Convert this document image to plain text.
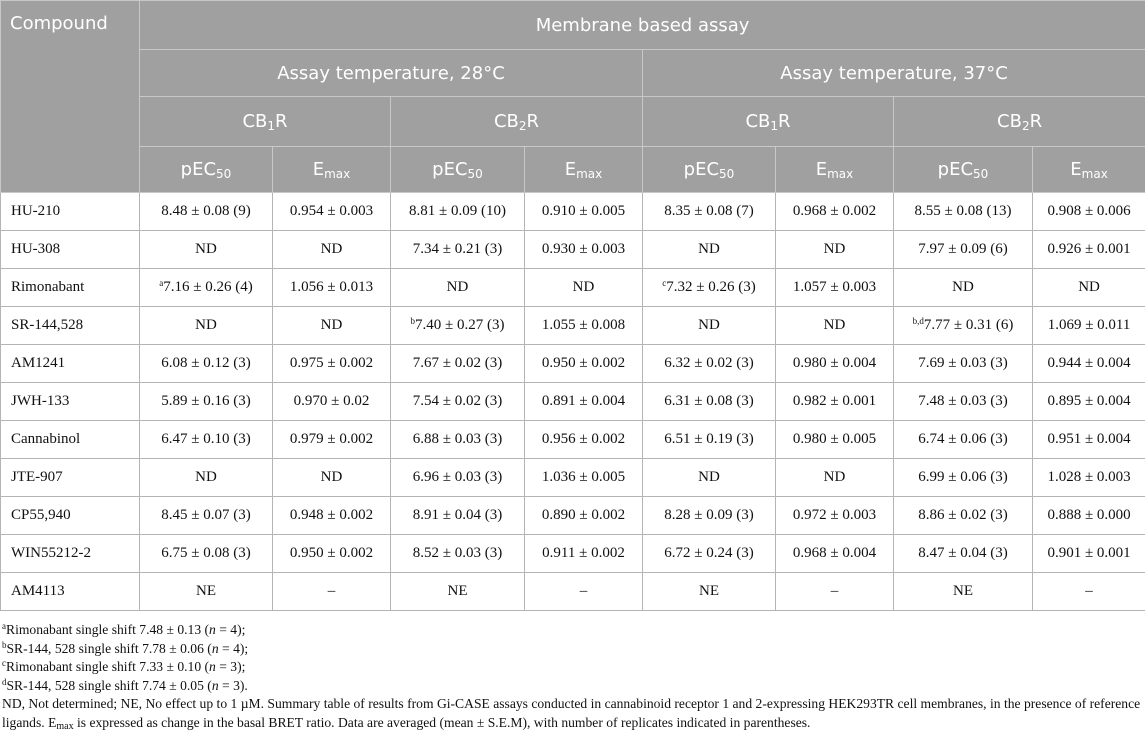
Compound	Membrane based assay							
	Assay temperature, 28°C				Assay temperature, 37°C			
	$CB_1R$		$CB_2R$		$CB_1R$		$CB_2R$	
	pEC$_{50}$	$E_{max}$	pEC$_{50}$	$E_{max}$	pEC$_{50}$	$E_{max}$	pEC$_{50}$	$E_{max}$
HU-210	8.48 ± 0.08 (9)	0.954 ± 0.003	8.81 ± 0.09 (10)	0.910 ± 0.005	8.35 ± 0.08 (7)	0.968 ± 0.002	8.55 ± 0.08 (13)	0.908 ± 0.006
HU-308	ND	ND	7.34 ± 0.21 (3)	0.930 ± 0.003	ND	ND	7.97 ± 0.09 (6)	0.926 ± 0.001
Rimonabant	$^a$7.16 ± 0.26 (4)	1.056 ± 0.013	ND	ND	$^c$7.32 ± 0.26 (3)	1.057 ± 0.003	ND	ND
SR-144,528	ND	ND	$^b$7.40 ± 0.27 (3)	1.055 ± 0.008	ND	ND	$^{b,d}$7.77 ± 0.31 (6)	1.069 ± 0.011
AM1241	6.08 ± 0.12 (3)	0.975 ± 0.002	7.67 ± 0.02 (3)	0.950 ± 0.002	6.32 ± 0.02 (3)	0.980 ± 0.004	7.69 ± 0.03 (3)	0.944 ± 0.004
JWH-133	5.89 ± 0.16 (3)	0.970 ± 0.02	7.54 ± 0.02 (3)	0.891 ± 0.004	6.31 ± 0.08 (3)	0.982 ± 0.001	7.48 ± 0.03 (3)	0.895 ± 0.004
Cannabinol	6.47 ± 0.10 (3)	0.979 ± 0.002	6.88 ± 0.03 (3)	0.956 ± 0.002	6.51 ± 0.19 (3)	0.980 ± 0.005	6.74 ± 0.06 (3)	0.951 ± 0.004
JTE-907	ND	ND	6.96 ± 0.03 (3)	1.036 ± 0.005	ND	ND	6.99 ± 0.06 (3)	1.028 ± 0.003
CP55,940	8.45 ± 0.07 (3)	0.948 ± 0.002	8.91 ± 0.04 (3)	0.890 ± 0.002	8.28 ± 0.09 (3)	0.972 ± 0.003	8.86 ± 0.02 (3)	0.888 ± 0.000
WIN55212-2	6.75 ± 0.08 (3)	0.950 ± 0.002	8.52 ± 0.03 (3)	0.911 ± 0.002	6.72 ± 0.24 (3)	0.968 ± 0.004	8.47 ± 0.04 (3)	0.901 ± 0.001
AM4113	NE	–	NE	–	NE	–	NE	–

$^a$Rimonabant single shift 7.48 ± 0.13 (n = 4);

$^b$SR-144, 528 single shift 7.78 ± 0.06 (n = 4);

$^c$Rimonabant single shift 7.33 ± 0.10 (n = 3);

$^d$SR-144, 528 single shift 7.74 ± 0.05 (n = 3).

ND, Not determined; NE, No effect up to 1 µM. Summary table of results from Gi-CASE assays conducted in cannabinoid receptor 1 and 2-expressing HEK293TR cell membranes, in the presence of reference ligands. $E_{max}$ is expressed as change in the basal BRET ratio. Data are averaged (mean ± S.E.M), with number of replicates indicated in parentheses.
